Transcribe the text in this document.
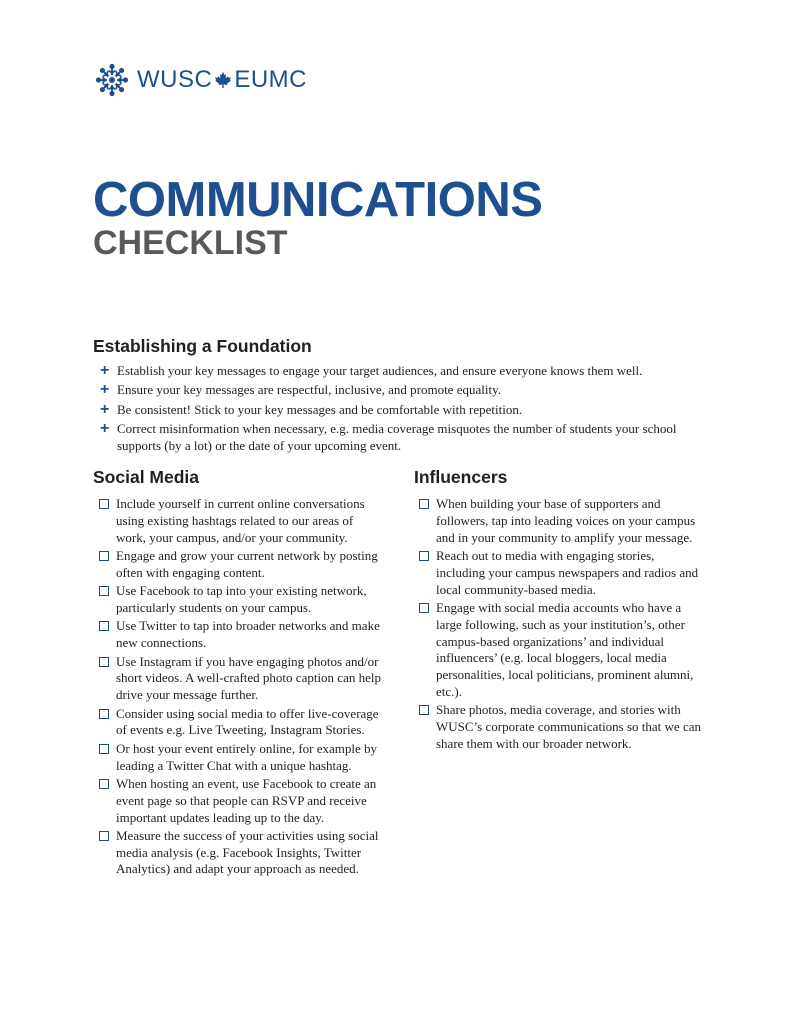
WUSC EUMC
COMMUNICATIONS
CHECKLIST
Establishing a Foundation
+ Establish your key messages to engage your target audiences, and ensure everyone knows them well.
+ Ensure your key messages are respectful, inclusive, and promote equality.
+ Be consistent! Stick to your key messages and be comfortable with repetition.
+ Correct misinformation when necessary, e.g. media coverage misquotes the number of students your school supports (by a lot) or the date of your upcoming event.
Social Media
Include yourself in current online conversations using existing hashtags related to our areas of work, your campus, and/or your community.
Engage and grow your current network by posting often with engaging content.
Use Facebook to tap into your existing network, particularly students on your campus.
Use Twitter to tap into broader networks and make new connections.
Use Instagram if you have engaging photos and/or short videos. A well-crafted photo caption can help drive your message further.
Consider using social media to offer live-coverage of events e.g. Live Tweeting, Instagram Stories.
Or host your event entirely online, for example by leading a Twitter Chat with a unique hashtag.
When hosting an event, use Facebook to create an event page so that people can RSVP and receive important updates leading up to the day.
Measure the success of your activities using social media analysis (e.g. Facebook Insights, Twitter Analytics) and adapt your approach as needed.
Influencers
When building your base of supporters and followers, tap into leading voices on your campus and in your community to amplify your message.
Reach out to media with engaging stories, including your campus newspapers and radios and local community-based media.
Engage with social media accounts who have a large following, such as your institution’s, other campus-based organizations’ and individual influencers’ (e.g. local bloggers, local media personalities, local politicians, prominent alumni, etc.).
Share photos, media coverage, and stories with WUSC’s corporate communications so that we can share them with our broader network.
